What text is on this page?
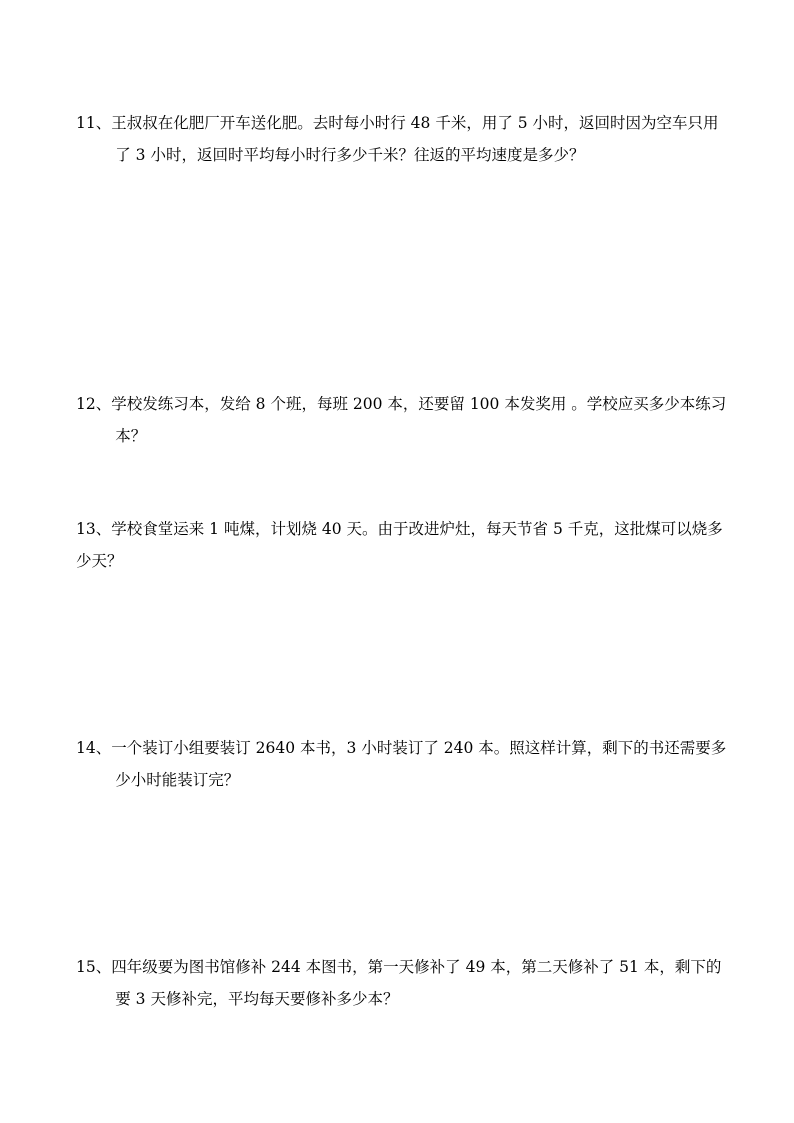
11、王叔叔在化肥厂开车送化肥。去时每小时行 48 千米，用了 5 小时，返回时因为空车只用
了 3 小时，返回时平均每小时行多少千米？往返的平均速度是多少？
12、学校发练习本，发给 8 个班，每班 200 本，还要留 100 本发奖用 。学校应买多少本练习
本？
13、学校食堂运来 1 吨煤，计划烧 40 天。由于改进炉灶，每天节省 5 千克，这批煤可以烧多
少天？
14、一个装订小组要装订 2640 本书，3 小时装订了 240 本。照这样计算，剩下的书还需要多
少小时能装订完？
15、四年级要为图书馆修补 244 本图书，第一天修补了 49 本，第二天修补了 51 本，剩下的
要 3 天修补完，平均每天要修补多少本？
